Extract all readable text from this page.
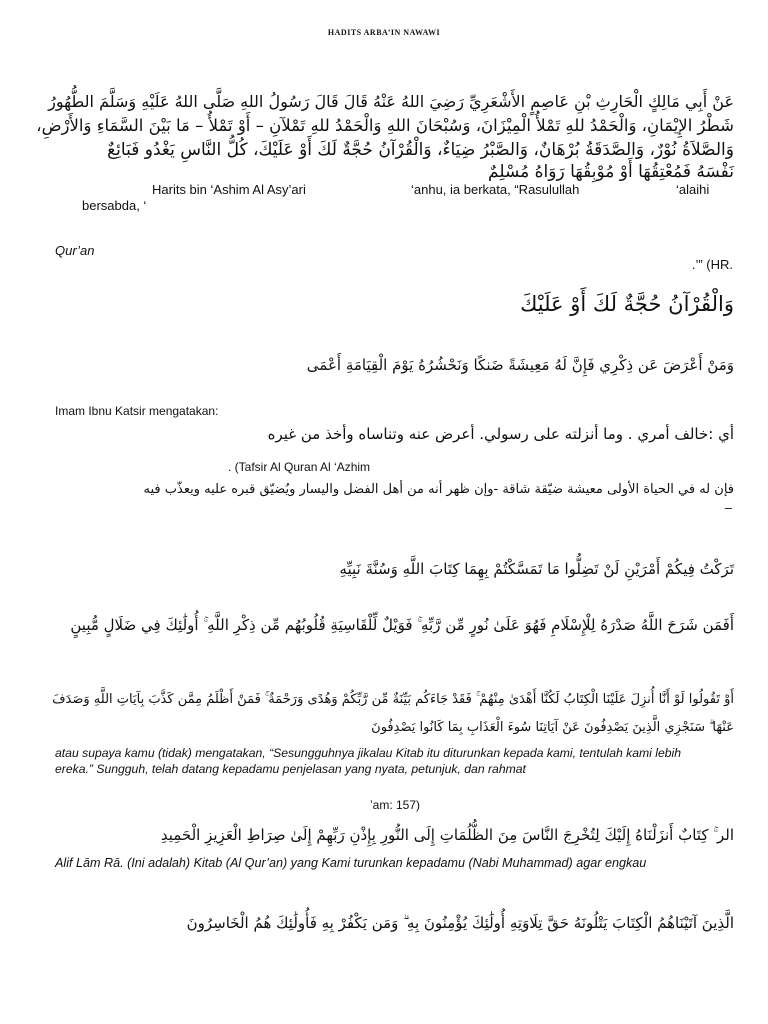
HADITS ARBA’IN NAWAWI

عَنْ أَبِي مَالِكٍ الْحَارِثِ بْنِ عَاصِمٍ الأَشْعَرِيِّ رَضِيَ اللهُ عَنْهُ قَالَ قَالَ رَسُولُ اللهِ صَلَّى اللهُ عَلَيْهِ وَسَلَّمَ الطُّهُورُ

شَطْرُ الإِيْمَانِ، وَالْحَمْدُ للهِ تَمْلأُ الْمِيْزَانَ، وَسُبْحَانَ اللهِ وَالْحَمْدُ للهِ تَمْلآنِ – أَوْ تَمْلأُ – مَا بَيْنَ السَّمَاءِ وَالأَرْضِ،

وَالصَّلاَةُ نُوْرٌ، وَالصَّدَقَةُ بُرْهَانٌ، وَالصَّبْرُ ضِيَاءٌ، وَالْقُرْآنُ حُجَّةٌ لَكَ أَوْ عَلَيْكَ، كُلُّ النَّاسِ يَغْدُو فَبَائِعٌ

نَفْسَهُ فَمُعْتِقُهَا أَوْ مُوْبِقُهَا رَوَاهُ مُسْلِمٌ

Harits bin ‘Ashim Al Asy’ari	‘anhu, ia berkata, “Rasulullah	‘alaihi
bersabda, ‘
Qur’an
.’” (HR.

وَالْقُرْآنُ حُجَّةٌ لَكَ أَوْ عَلَيْكَ

وَمَنْ أَعْرَضَ عَن ذِكْرِي فَإِنَّ لَهُ مَعِيشَةً ضَنكًا وَنَحْشُرُهُ يَوْمَ الْقِيَامَةِ أَعْمَى

Imam Ibnu Katsir mengatakan:

أي :خالف أمري . وما أنزلته على رسولي. أعرض عنه وتناساه وأخذ من غيره

. (Tafsir Al Quran Al ‘Azhim

فإن له في الحياة الأولى معيشة ضيّقة شاقة -وإن ظهر أنه من أهل الفضل واليسار ويُضيّق قبره عليه ويعذّب فيه

–

تَرَكْتُ فِيكُمْ أَمْرَيْنِ لَنْ تَضِلُّوا مَا تَمَسَّكْتُمْ بِهِمَا كِتَابَ اللَّهِ وَسُنَّةَ نَبِيِّهِ

أَفَمَن شَرَحَ اللَّهُ صَدْرَهُ لِلْإِسْلَامِ فَهُوَ عَلَىٰ نُورٍ مِّن رَّبِّهِ ۚ فَوَيْلٌ لِّلْقَاسِيَةِ قُلُوبُهُم مِّن ذِكْرِ اللَّهِ ۚ أُولَٰئِكَ فِي ضَلَالٍ مُّبِينٍ

أَوْ تَقُولُوا لَوْ أَنَّا أُنزِلَ عَلَيْنَا الْكِتَابُ لَكُنَّا أَهْدَىٰ مِنْهُمْ ۚ فَقَدْ جَاءَكُم بَيِّنَةٌ مِّن رَّبِّكُمْ وَهُدًى وَرَحْمَةٌ ۚ فَمَنْ أَظْلَمُ مِمَّن كَذَّبَ بِآيَاتِ اللَّهِ وَصَدَفَ

عَنْهَا ۗ سَنَجْزِي الَّذِينَ يَصْدِفُونَ عَنْ آيَاتِنَا سُوءَ الْعَذَابِ بِمَا كَانُوا يَصْدِفُونَ

atau supaya kamu (tidak) mengatakan, “Sesungguhnya jikalau Kitab itu diturunkan kepada kami, tentulah kami lebih
ereka.” Sungguh, telah datang kepadamu penjelasan yang nyata, petunjuk, dan rahmat
’am: 157)

الر ۚ كِتَابٌ أَنزَلْنَاهُ إِلَيْكَ لِتُخْرِجَ النَّاسَ مِنَ الظُّلُمَاتِ إِلَى النُّورِ بِإِذْنِ رَبِّهِمْ إِلَىٰ صِرَاطِ الْعَزِيزِ الْحَمِيدِ

Alif Lām Rā. (Ini adalah) Kitab (Al Qur’an) yang Kami turunkan kepadamu (Nabi Muhammad) agar engkau

الَّذِينَ آتَيْنَاهُمُ الْكِتَابَ يَتْلُونَهُ حَقَّ تِلَاوَتِهِ أُولَٰئِكَ يُؤْمِنُونَ بِهِ ۗ وَمَن يَكْفُرْ بِهِ فَأُولَٰئِكَ هُمُ الْخَاسِرُونَ
